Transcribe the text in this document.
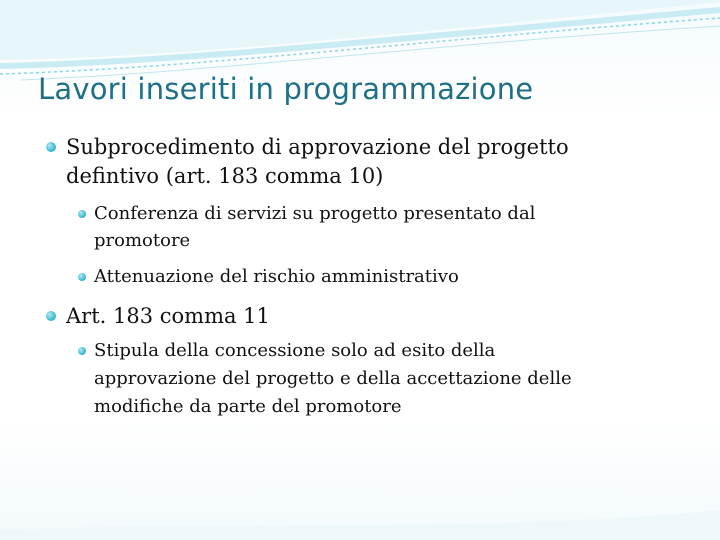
Lavori inseriti in programmazione
Subprocedimento di approvazione del progetto
defintivo (art. 183 comma 10)
Conferenza di servizi su progetto presentato dal
promotore
Attenuazione del rischio amministrativo
Art. 183 comma 11
Stipula della concessione solo ad esito della
approvazione del progetto e della accettazione delle
modifiche da parte del promotore
